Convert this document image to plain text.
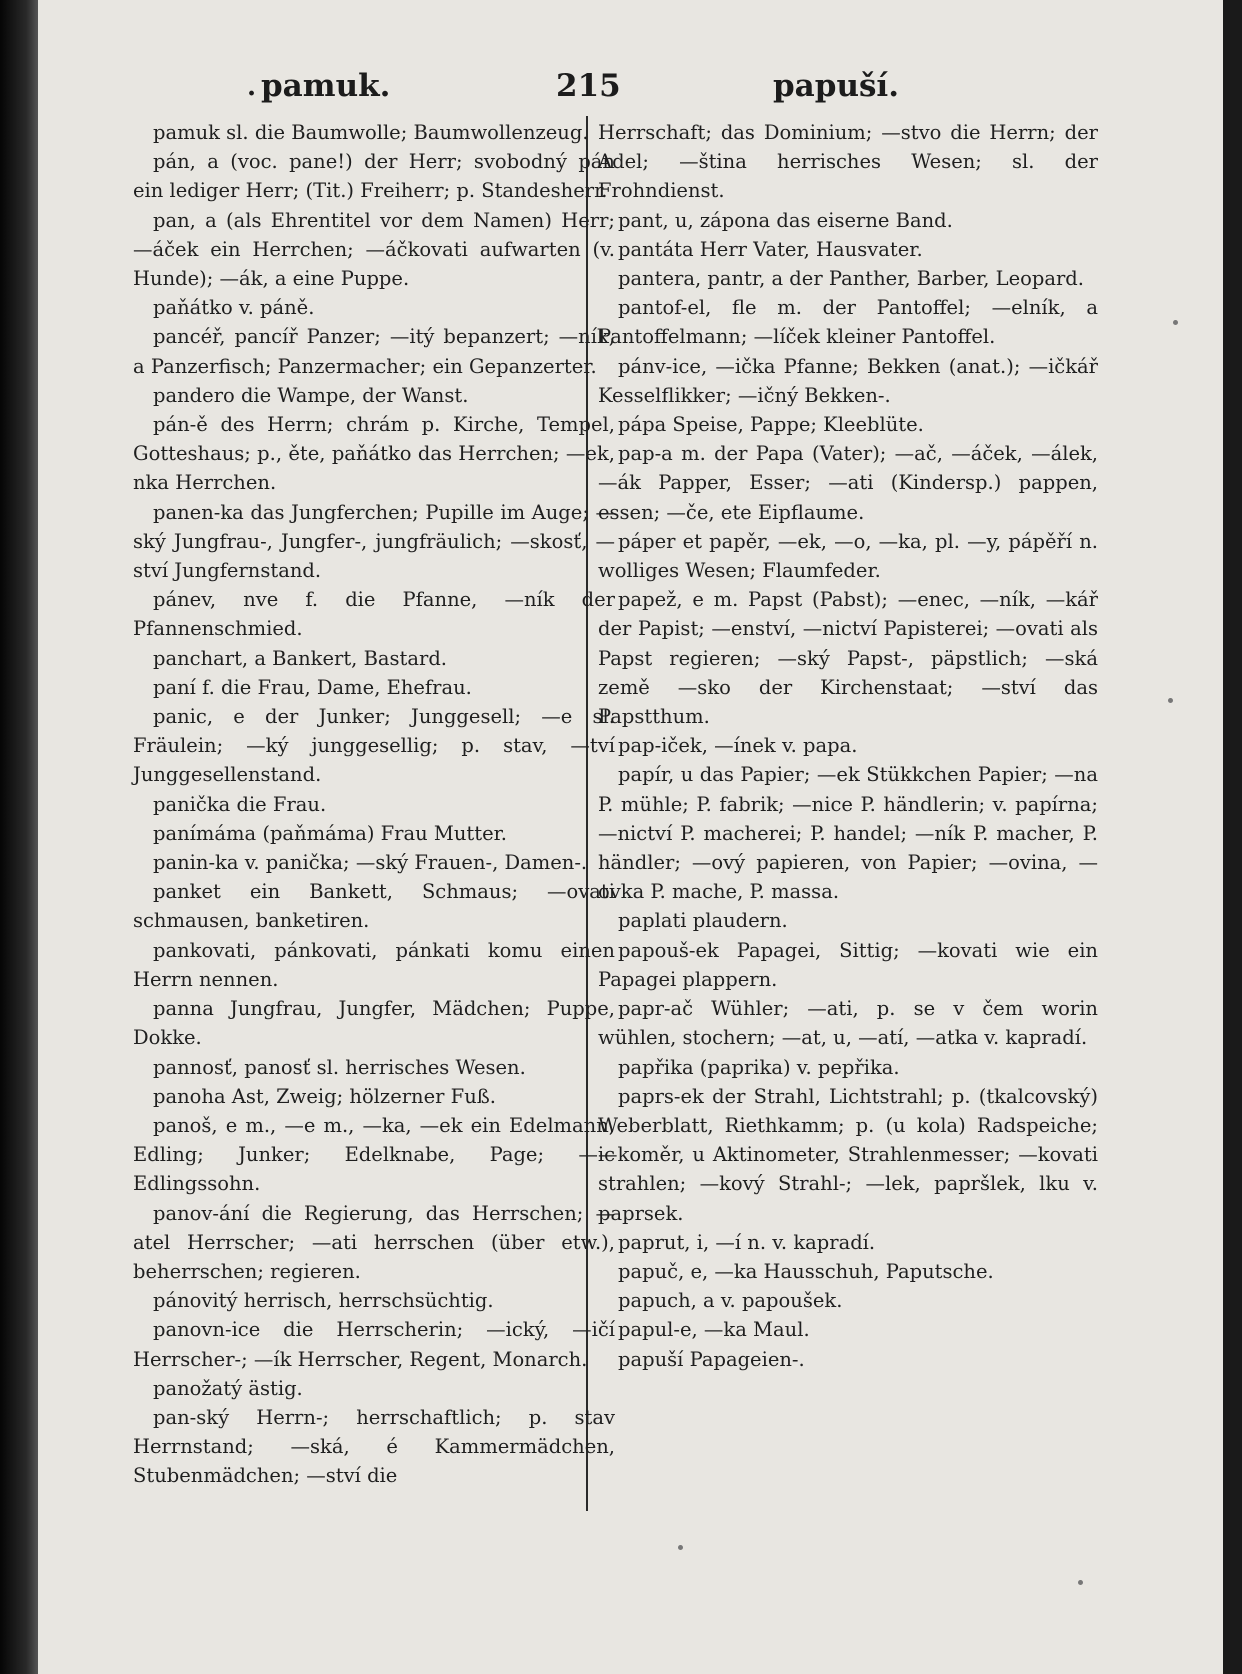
. pamuk.	215	papuší.

pamuk sl. die Baumwolle; Baumwollenzeug.

pán, a (voc. pane!) der Herr; svobodný pán ein lediger Herr; (Tit.) Freiherr; p. Standesherr.

pan, a (als Ehrentitel vor dem Namen) Herr; —áček ein Herrchen; —áčkovati aufwarten (v. Hunde); —ák, a eine Puppe.

paňátko v. páně.

pancéř, pancíř Panzer; —itý bepanzert; —ník, a Panzerfisch; Panzermacher; ein Gepanzerter.

pandero die Wampe, der Wanst.

pán-ě des Herrn; chrám p. Kirche, Tempel, Gotteshaus; p., ěte, paňátko das Herrchen; —ek, nka Herrchen.

panen-ka das Jungferchen; Pupille im Auge; —ský Jungfrau-, Jungfer-, jungfräulich; —skosť, —ství Jungfernstand.

pánev, nve f. die Pfanne, —ník der Pfannenschmied.

panchart, a Bankert, Bastard.

paní f. die Frau, Dame, Ehefrau.

panic, e der Junker; Junggesell; —e sl. Fräulein; —ký junggesellig; p. stav, —tví Junggesellenstand.

panička die Frau.

panímáma (paňmáma) Frau Mutter.

panin-ka v. panička; —ský Frauen-, Damen-.

panket ein Bankett, Schmaus; —ovati schmausen, banketiren.

pankovati, pánkovati, pánkati komu einen Herrn nennen.

panna Jungfrau, Jungfer, Mädchen; Puppe, Dokke.

pannosť, panosť sl. herrisches Wesen.

panoha Ast, Zweig; hölzerner Fuß.

panoš, e m., —e m., —ka, —ek ein Edelmann, Edling; Junker; Edelknabe, Page; —ic Edlingssohn.

panov-ání die Regierung, das Herrschen; —atel Herrscher; —ati herrschen (über etw.), beherrschen; regieren.

pánovitý herrisch, herrschsüchtig.

panovn-ice die Herrscherin; —ický, —ičí Herrscher-; —ík Herrscher, Regent, Monarch.

panožatý ästig.

pan-ský Herrn-; herrschaftlich; p. stav Herrnstand; —ská, é Kammermädchen, Stubenmädchen; —ství die

Herrschaft; das Dominium; —stvo die Herrn; der Adel; —ština herrisches Wesen; sl. der Frohndienst.

pant, u, zápona das eiserne Band.

pantáta Herr Vater, Hausvater.

pantera, pantr, a der Panther, Barber, Leopard.

pantof-el, fle m. der Pantoffel; —elník, a Pantoffelmann; —líček kleiner Pantoffel.

pánv-ice, —ička Pfanne; Bekken (anat.); —ičkář Kesselflikker; —ičný Bekken-.

pápa Speise, Pappe; Kleeblüte.

pap-a m. der Papa (Vater); —ač, —áček, —álek, —ák Papper, Esser; —ati (Kindersp.) pappen, essen; —če, ete Eipflaume.

páper et papěr, —ek, —o, —ka, pl. —y, pápěří n. wolliges Wesen; Flaumfeder.

papež, e m. Papst (Pabst); —enec, —ník, —kář der Papist; —enství, —nictví Papisterei; —ovati als Papst regieren; —ský Papst-, päpstlich; —ská země —sko der Kirchenstaat; —ství das Papstthum.

pap-iček, —ínek v. papa.

papír, u das Papier; —ek Stükkchen Papier; —na P. mühle; P. fabrik; —nice P. händlerin; v. papírna; —nictví P. macherei; P. handel; —ník P. macher, P. händler; —ový papieren, von Papier; —ovina, —ovka P. mache, P. massa.

paplati plaudern.

papouš-ek Papagei, Sittig; —kovati wie ein Papagei plappern.

papr-ač Wühler; —ati, p. se v čem worin wühlen, stochern; —at, u, —atí, —atka v. kapradí.

papřika (paprika) v. pepřika.

paprs-ek der Strahl, Lichtstrahl; p. (tkalcovský) Weberblatt, Riethkamm; p. (u kola) Radspeiche; —koměr, u Aktinometer, Strahlenmesser; —kovati strahlen; —kový Strahl-; —lek, papršlek, lku v. paprsek.

paprut, i, —í n. v. kapradí.

papuč, e, —ka Hausschuh, Paputsche.

papuch, a v. papoušek.

papul-e, —ka Maul.

papuší Papageien-.
